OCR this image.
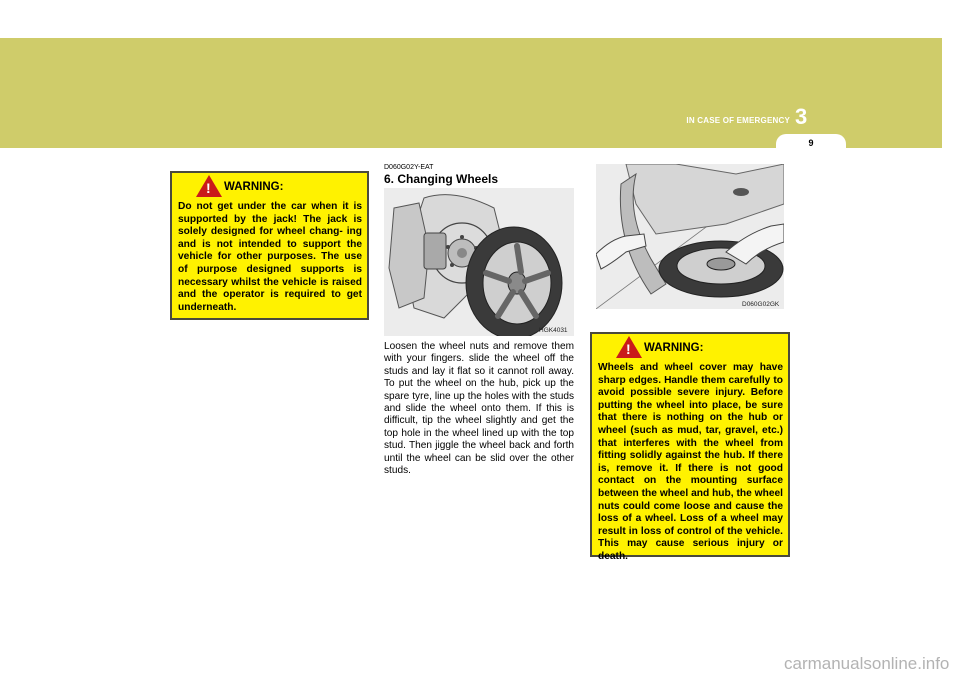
IN CASE OF EMERGENCY 3
9
! WARNING:
Do not get under the car when it is supported by the jack! The jack is solely designed for wheel chang- ing and is not intended to support the vehicle for other purposes. The use of purpose designed supports is necessary whilst the vehicle is raised and the operator is required to get underneath.
D060G02Y-EAT
6. Changing Wheels
HGK4031
Loosen the wheel nuts and remove them with your fingers. slide the wheel off the studs and lay it flat so it cannot roll away. To put the wheel on the hub, pick up the spare tyre, line up the holes with the studs and slide the wheel onto them. If this is difficult, tip the wheel slightly and get the top hole in the wheel lined up with the top stud. Then jiggle the wheel back and forth until the wheel can be slid over the other studs.
D060G02GK
! WARNING:
Wheels and wheel cover may have sharp edges. Handle them carefully to avoid possible severe injury. Before putting the wheel into place, be sure that there is nothing on the hub or wheel (such as mud, tar, gravel, etc.) that interferes with the wheel from fitting solidly against the hub. If there is, remove it. If there is not good contact on the mounting surface between the wheel and hub, the wheel nuts could come loose and cause the loss of a wheel. Loss of a wheel may result in loss of control of the vehicle. This may cause serious injury or death.
carmanualsonline.info
